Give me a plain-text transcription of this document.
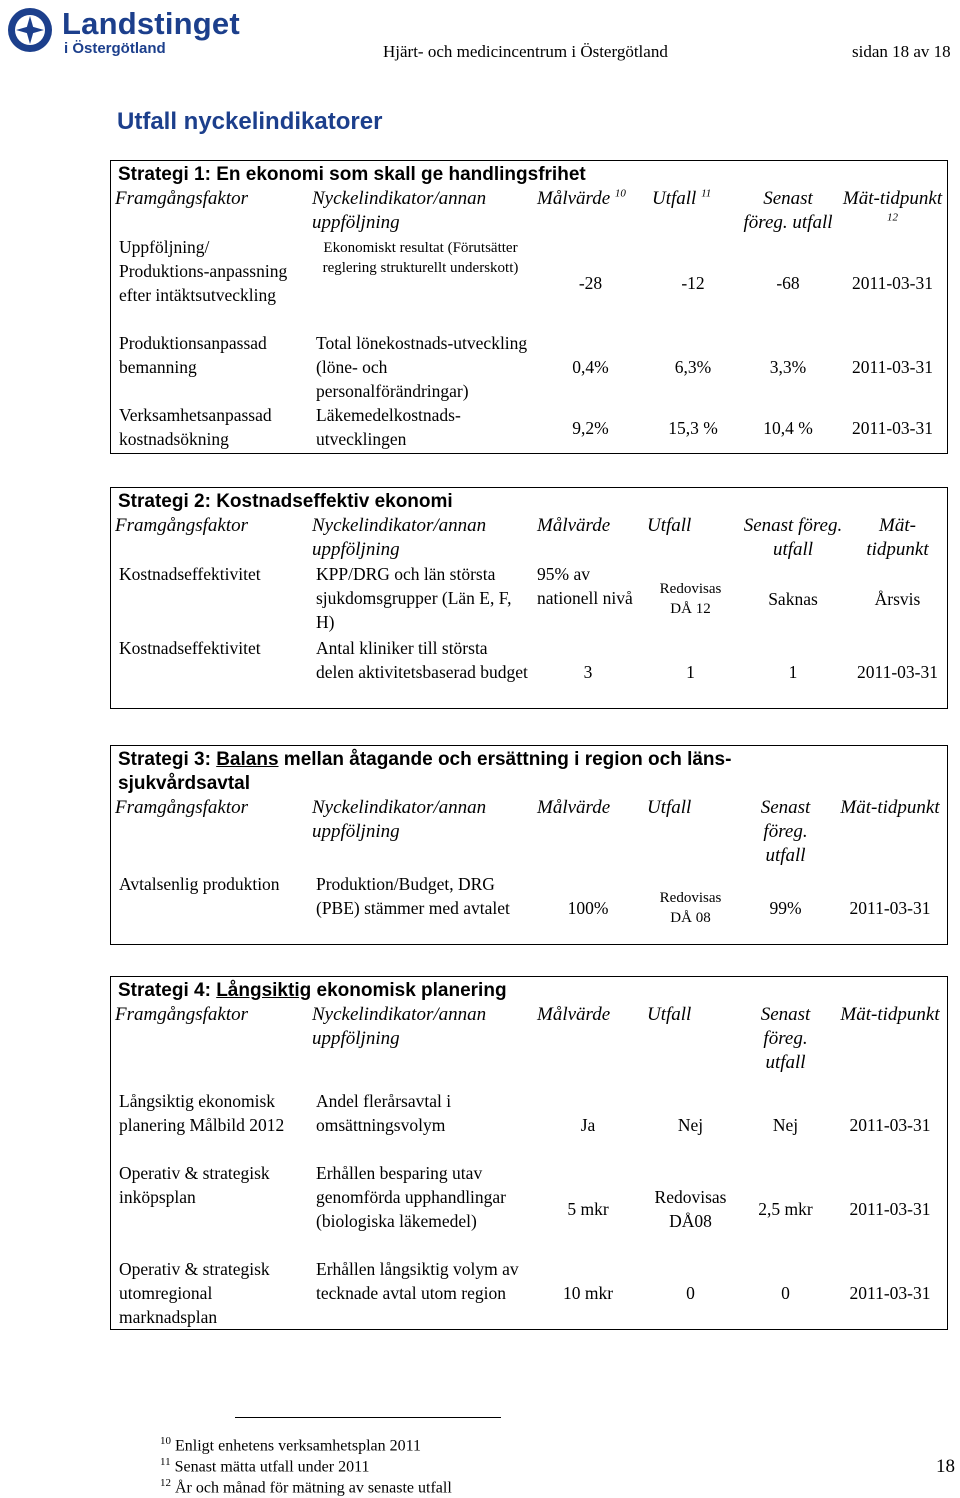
Landstinget
i Östergötland	Hjärt- och medicincentrum i Östergötland	sidan 18 av 18
Utfall nyckelindikatorer
Strategi 1: En ekonomi som skall ge handlingsfrihet
Framgångsfaktor	Nyckelindikator/annan uppföljning	Målvärde $^{10}$	Utfall $^{11}$	Senast föreg. utfall	Mät-tidpunkt $^{12}$
Uppföljning/ Produktions-anpassning efter intäktsutveckling	Ekonomiskt resultat (Förutsätter reglering strukturellt underskott)	-28	-12	-68	2011-03-31
Produktionsanpassad bemanning	Total lönekostnads-utveckling (löne- och personalförändringar)	0,4%	6,3%	3,3%	2011-03-31
Verksamhetsanpassad kostnadsökning	Läkemedelkostnads-utvecklingen	9,2%	15,3 %	10,4 %	2011-03-31
Strategi 2: Kostnadseffektiv ekonomi
Framgångsfaktor	Nyckelindikator/annan uppföljning	Målvärde	Utfall	Senast föreg. utfall	Mät-tidpunkt
Kostnadseffektivitet	KPP/DRG och län största sjukdomsgrupper (Län E, F, H)	95% av nationell nivå	Redovisas DÅ 12	Saknas	Årsvis
Kostnadseffektivitet	Antal kliniker till största delen aktivitetsbaserad budget	3	1	1	2011-03-31
Strategi 3: Balans mellan åtagande och ersättning i region och läns-sjukvårdsavtal
Framgångsfaktor	Nyckelindikator/annan uppföljning	Målvärde	Utfall	Senast föreg. utfall	Mät-tidpunkt
Avtalsenlig produktion	Produktion/Budget, DRG (PBE) stämmer med avtalet	100%	Redovisas DÅ 08	99%	2011-03-31
Strategi 4: Långsiktig ekonomisk planering
Framgångsfaktor	Nyckelindikator/annan uppföljning	Målvärde	Utfall	Senast föreg. utfall	Mät-tidpunkt
Långsiktig ekonomisk planering Målbild 2012	Andel flerårsavtal i omsättningsvolym	Ja	Nej	Nej	2011-03-31
Operativ & strategisk inköpsplan	Erhållen besparing utav genomförda upphandlingar (biologiska läkemedel)	5 mkr	Redovisas DÅ08	2,5 mkr	2011-03-31
Operativ & strategisk utomregional marknadsplan	Erhållen långsiktig volym av tecknade avtal utom region	10 mkr	0	0	2011-03-31
$^{10}$ Enligt enhetens verksamhetsplan 2011
$^{11}$ Senast mätta utfall under 2011
$^{12}$ År och månad för mätning av senaste utfall
18
